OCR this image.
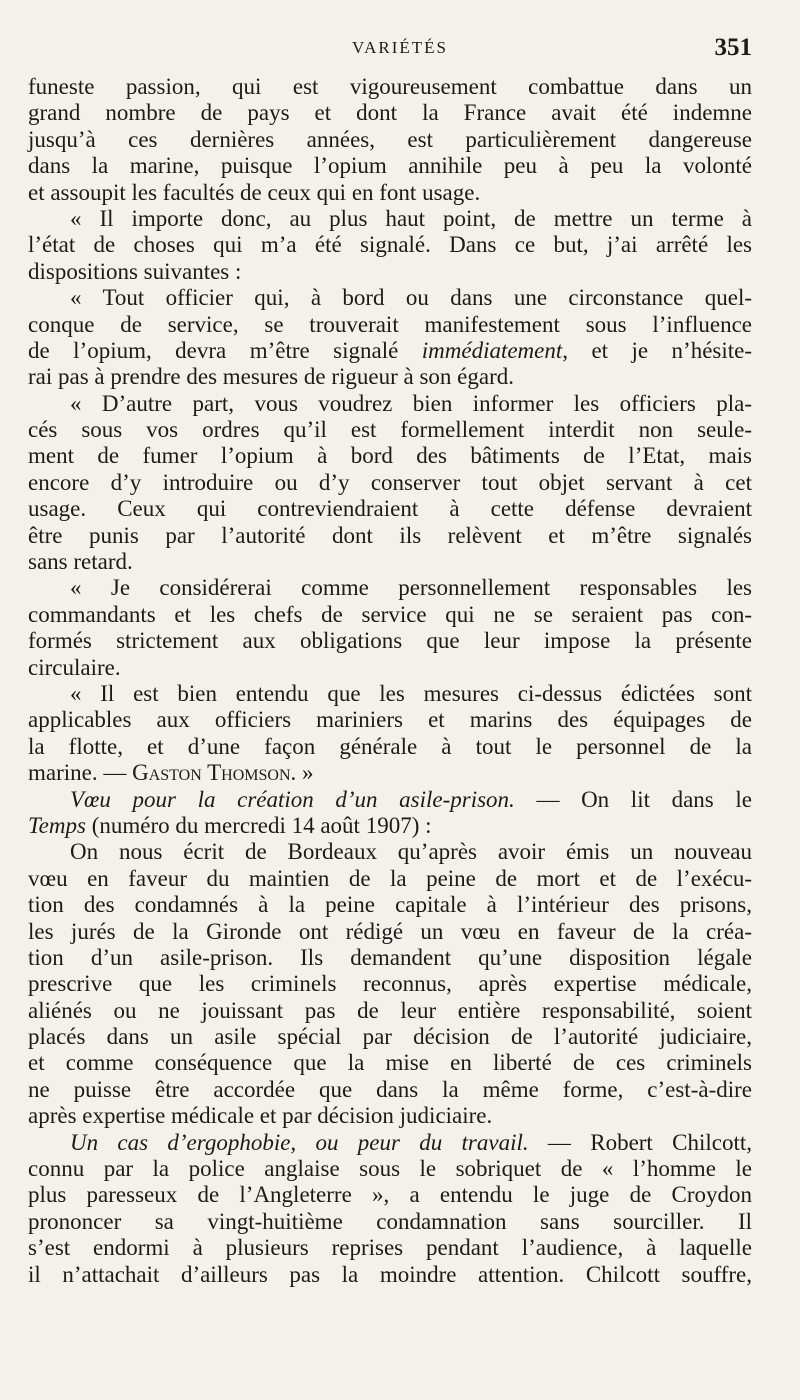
VARIÉTÉS	351
funeste passion, qui est vigoureusement combattue dans un
grand nombre de pays et dont la France avait été indemne
jusqu’à ces dernières années, est particulièrement dangereuse
dans la marine, puisque l’opium annihile peu à peu la volonté
et assoupit les facultés de ceux qui en font usage.
« Il importe donc, au plus haut point, de mettre un terme à
l’état de choses qui m’a été signalé. Dans ce but, j’ai arrêté les
dispositions suivantes :
« Tout officier qui, à bord ou dans une circonstance quel-
conque de service, se trouverait manifestement sous l’influence
de l’opium, devra m’être signalé immédiatement, et je n’hésite-
rai pas à prendre des mesures de rigueur à son égard.
« D’autre part, vous voudrez bien informer les officiers pla-
cés sous vos ordres qu’il est formellement interdit non seule-
ment de fumer l’opium à bord des bâtiments de l’Etat, mais
encore d’y introduire ou d’y conserver tout objet servant à cet
usage. Ceux qui contreviendraient à cette défense devraient
être punis par l’autorité dont ils relèvent et m’être signalés
sans retard.
« Je considérerai comme personnellement responsables les
commandants et les chefs de service qui ne se seraient pas con-
formés strictement aux obligations que leur impose la présente
circulaire.
« Il est bien entendu que les mesures ci-dessus édictées sont
applicables aux officiers mariniers et marins des équipages de
la flotte, et d’une façon générale à tout le personnel de la
marine. — Gaston Thomson. »
Vœu pour la création d’un asile-prison. — On lit dans le
Temps (numéro du mercredi 14 août 1907) :
On nous écrit de Bordeaux qu’après avoir émis un nouveau
vœu en faveur du maintien de la peine de mort et de l’exécu-
tion des condamnés à la peine capitale à l’intérieur des prisons,
les jurés de la Gironde ont rédigé un vœu en faveur de la créa-
tion d’un asile-prison. Ils demandent qu’une disposition légale
prescrive que les criminels reconnus, après expertise médicale,
aliénés ou ne jouissant pas de leur entière responsabilité, soient
placés dans un asile spécial par décision de l’autorité judiciaire,
et comme conséquence que la mise en liberté de ces criminels
ne puisse être accordée que dans la même forme, c’est-à-dire
après expertise médicale et par décision judiciaire.
Un cas d’ergophobie, ou peur du travail. — Robert Chilcott,
connu par la police anglaise sous le sobriquet de « l’homme le
plus paresseux de l’Angleterre », a entendu le juge de Croydon
prononcer sa vingt-huitième condamnation sans sourciller. Il
s’est endormi à plusieurs reprises pendant l’audience, à laquelle
il n’attachait d’ailleurs pas la moindre attention. Chilcott souffre,
